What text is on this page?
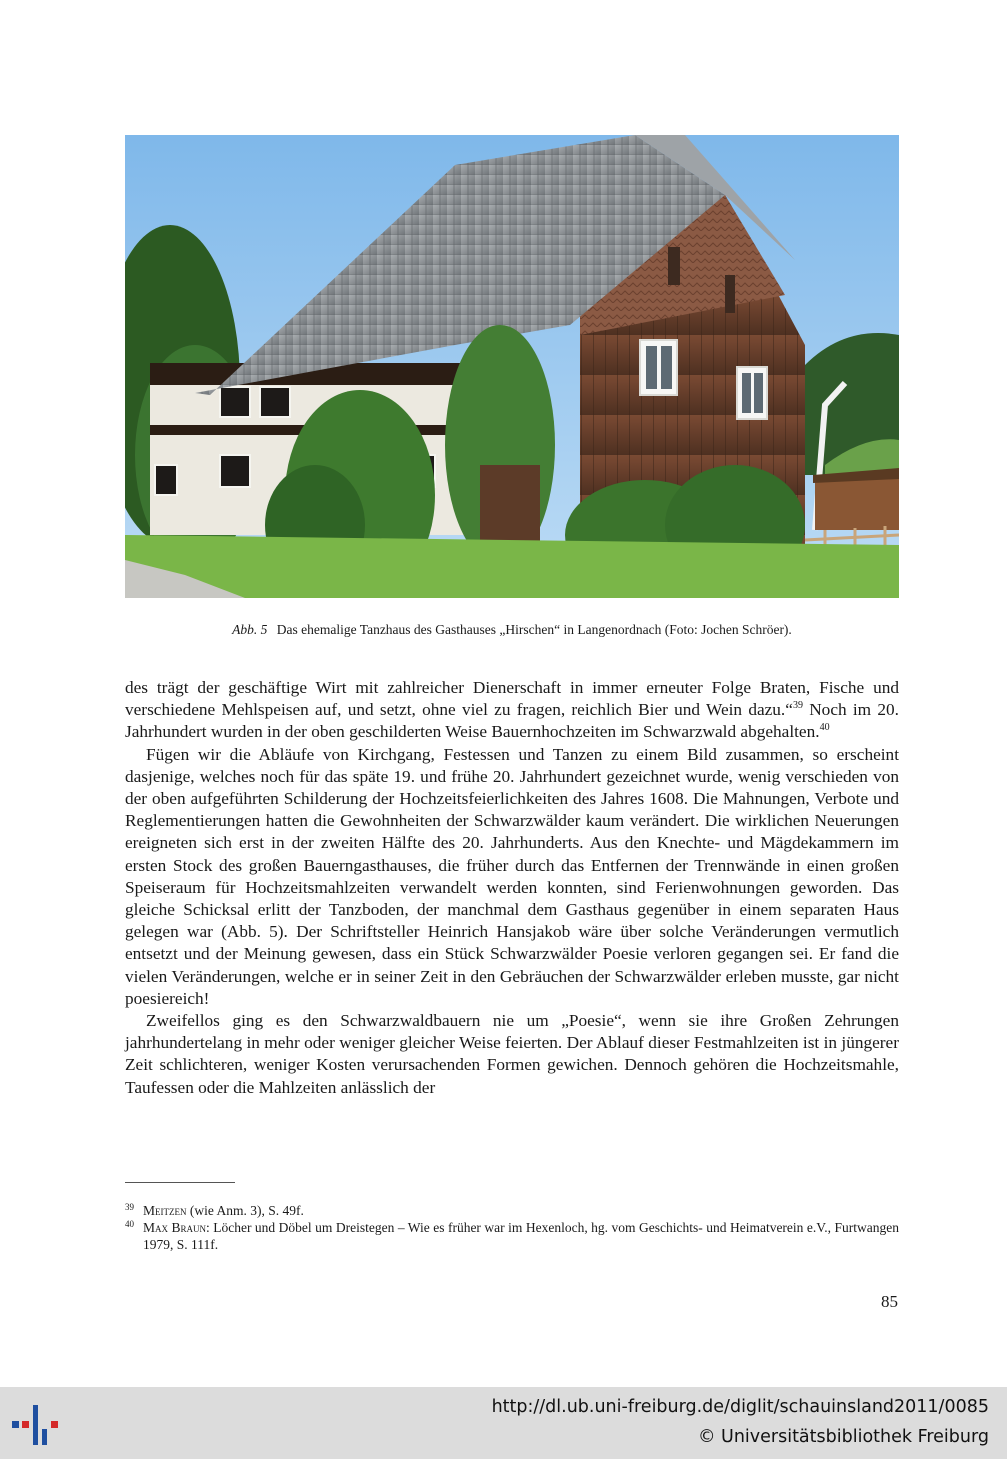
Abb. 5 Das ehemalige Tanzhaus des Gasthauses „Hirschen“ in Langenordnach (Foto: Jochen Schröer).

des trägt der geschäftige Wirt mit zahlreicher Dienerschaft in immer erneuter Folge Braten, Fische und verschiedene Mehlspeisen auf, und setzt, ohne viel zu fragen, reichlich Bier und Wein dazu.“$^{39}$ Noch im 20. Jahrhundert wurden in der oben geschilderten Weise Bauernhochzeiten im Schwarzwald abgehalten.$^{40}$

Fügen wir die Abläufe von Kirchgang, Festessen und Tanzen zu einem Bild zusammen, so erscheint dasjenige, welches noch für das späte 19. und frühe 20. Jahrhundert gezeichnet wurde, wenig verschieden von der oben aufgeführten Schilderung der Hochzeitsfeierlichkeiten des Jahres 1608. Die Mahnungen, Verbote und Reglementierungen hatten die Gewohnheiten der Schwarzwälder kaum verändert. Die wirklichen Neuerungen ereigneten sich erst in der zweiten Hälfte des 20. Jahrhunderts. Aus den Knechte- und Mägdekammern im ersten Stock des großen Bauerngasthauses, die früher durch das Entfernen der Trennwände in einen großen Speiseraum für Hochzeitsmahlzeiten verwandelt werden konnten, sind Ferienwohnungen geworden. Das gleiche Schicksal erlitt der Tanzboden, der manchmal dem Gasthaus gegenüber in einem separaten Haus gelegen war (Abb. 5). Der Schriftsteller Heinrich Hansjakob wäre über solche Veränderungen vermutlich entsetzt und der Meinung gewesen, dass ein Stück Schwarzwälder Poesie verloren gegangen sei. Er fand die vielen Veränderungen, welche er in seiner Zeit in den Gebräuchen der Schwarzwälder erleben musste, gar nicht poesiereich!

Zweifellos ging es den Schwarzwaldbauern nie um „Poesie“, wenn sie ihre Großen Zehrungen jahrhundertelang in mehr oder weniger gleicher Weise feierten. Der Ablauf dieser Festmahlzeiten ist in jüngerer Zeit schlichteren, weniger Kosten verursachenden Formen gewichen. Dennoch gehören die Hochzeitsmahle, Taufessen oder die Mahlzeiten anlässlich der

39 Meitzen (wie Anm. 3), S. 49f.
40 Max Braun: Löcher und Döbel um Dreistegen – Wie es früher war im Hexenloch, hg. vom Geschichts- und Heimatverein e.V., Furtwangen 1979, S. 111f.
85
http://dl.ub.uni-freiburg.de/diglit/schauinsland2011/0085
© Universitätsbibliothek Freiburg
